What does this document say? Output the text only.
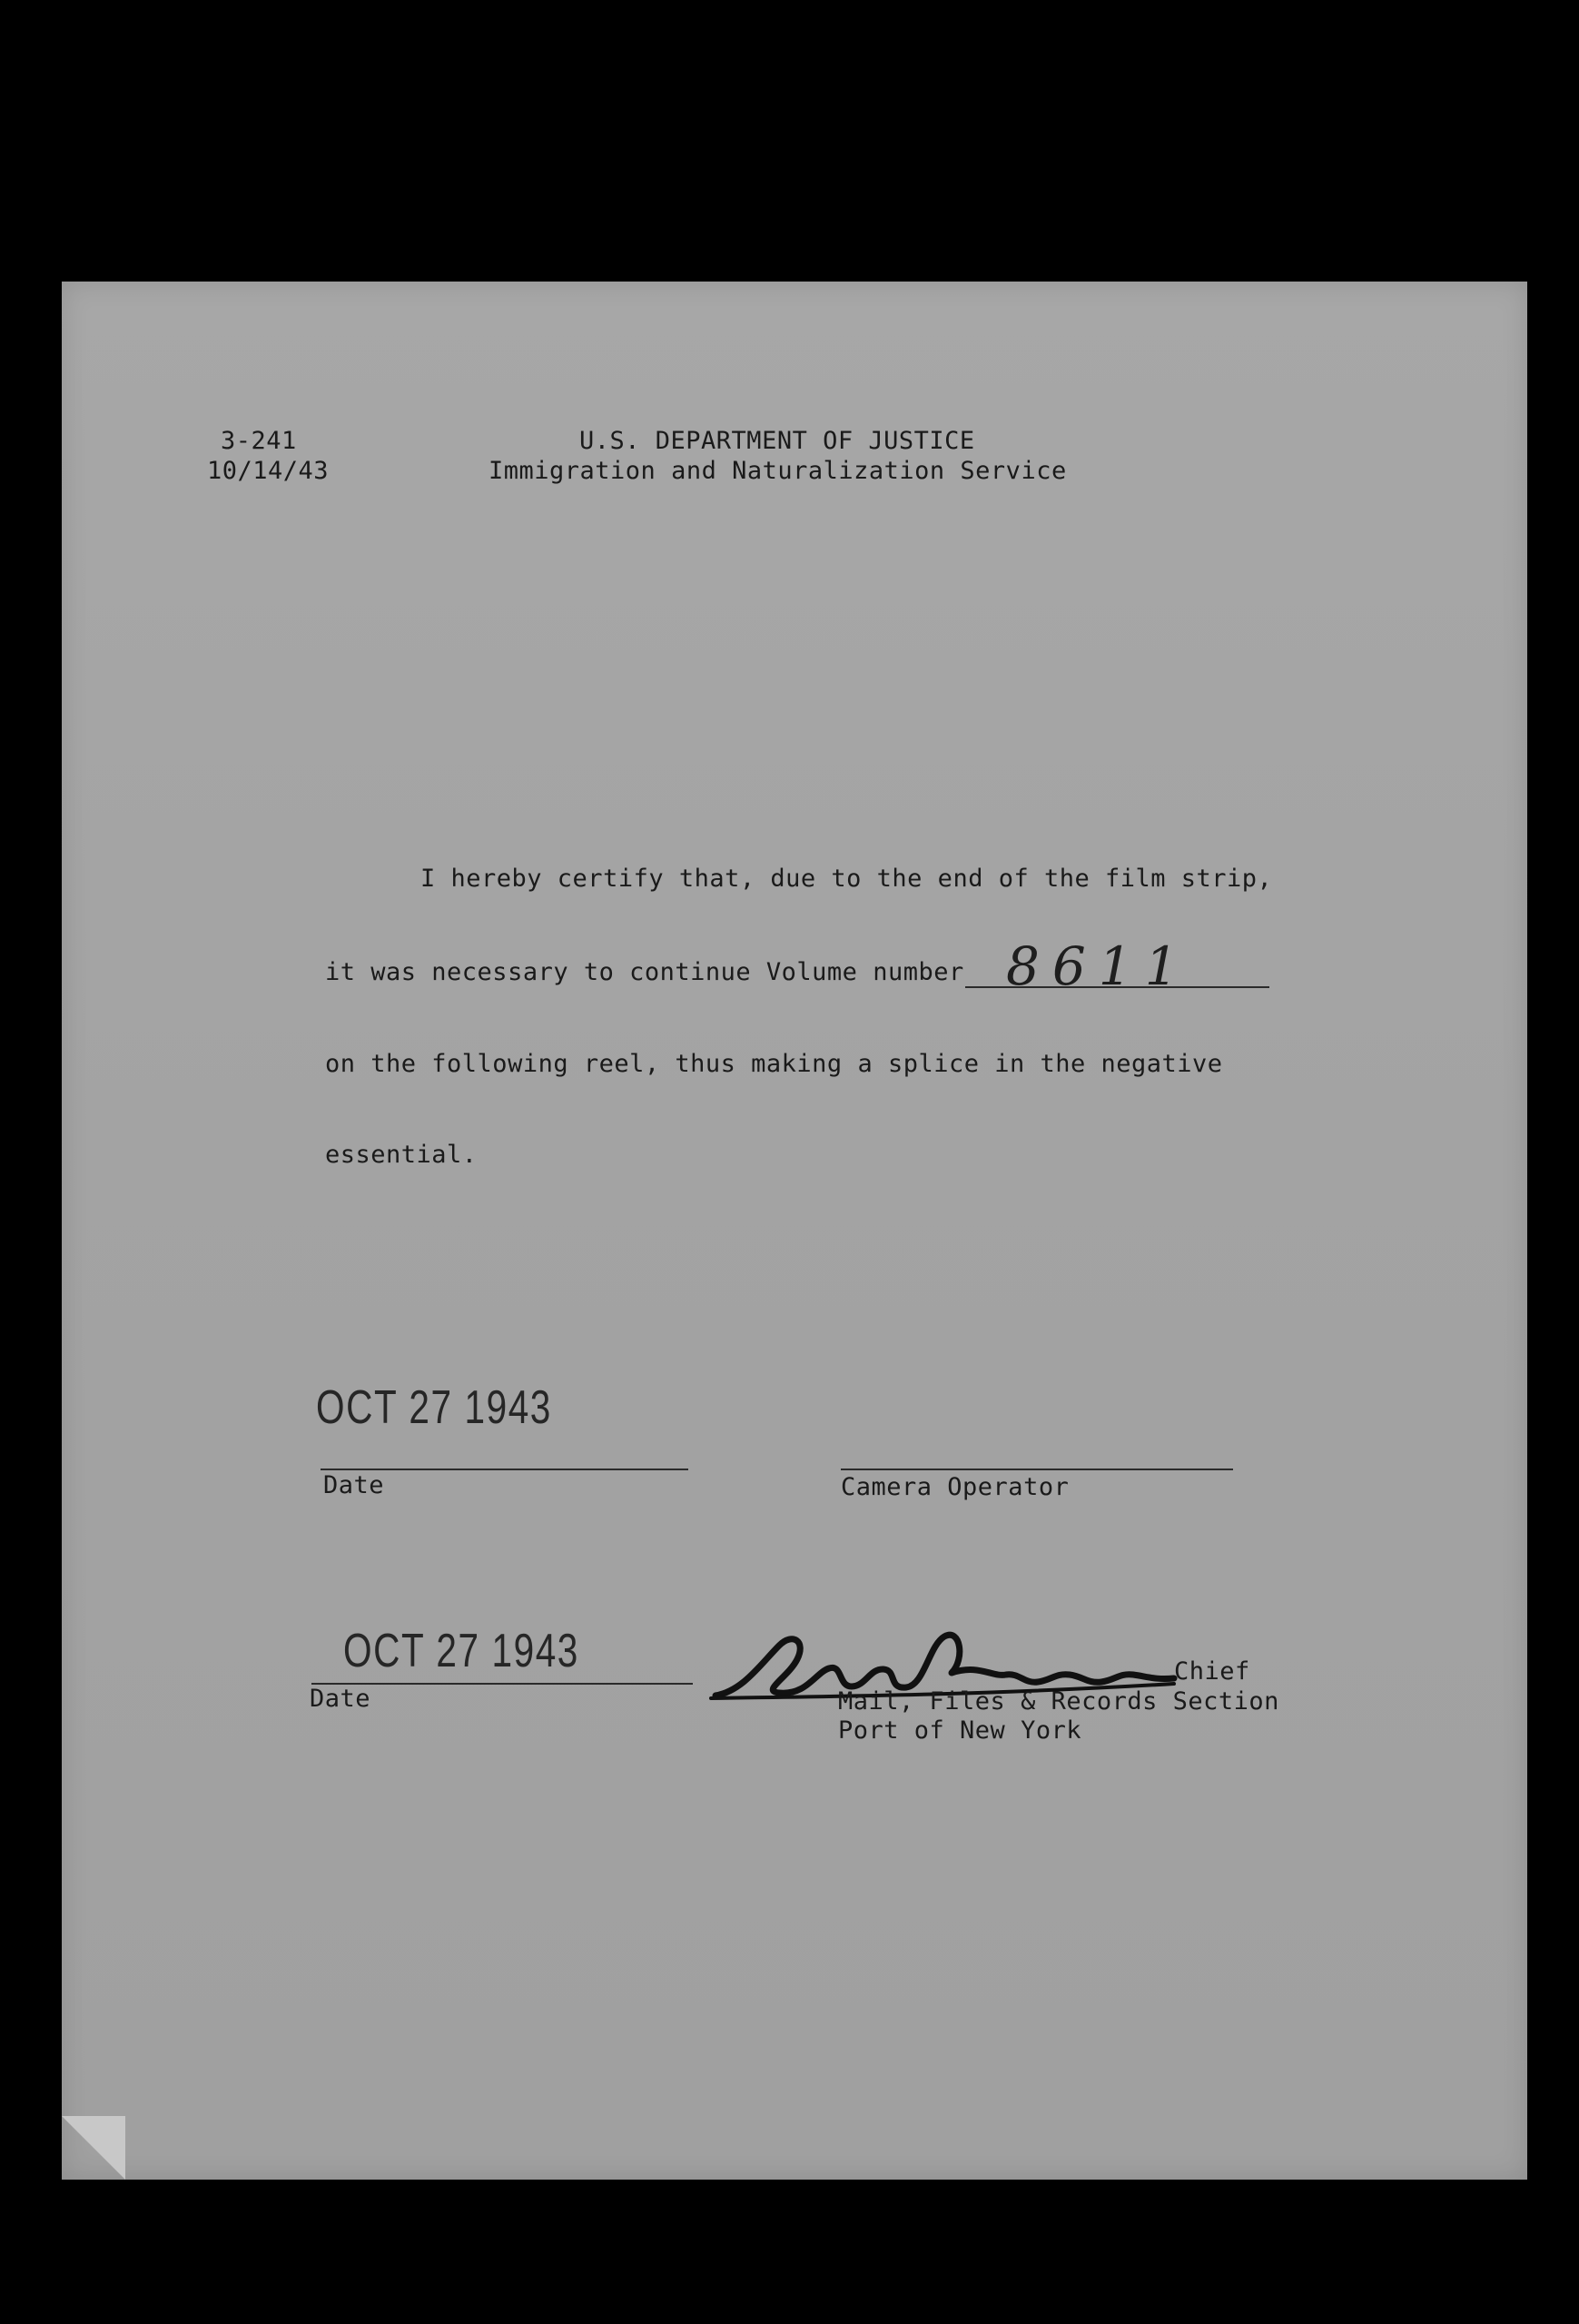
3-241
10/14/43
U.S. DEPARTMENT OF JUSTICE
Immigration and Naturalization Service
I hereby certify that, due to the end of the film strip,
it was necessary to continue Volume number 8611
on the following reel, thus making a splice in the negative
essential.
OCT 27 1943
Date	Camera Operator
OCT 27 1943
Date
Chief
Mail, Files & Records Section
Port of New York
